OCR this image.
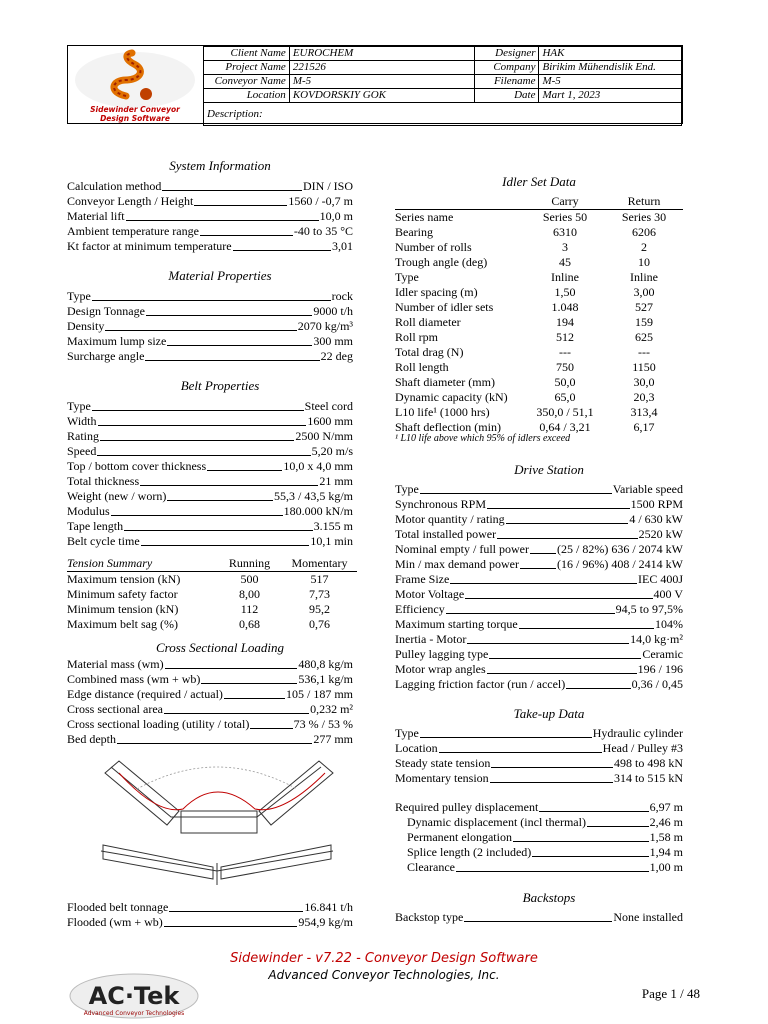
Sidewinder Conveyor
Design Software
Client Name	EUROCHEM	Designer	HAK
Project Name	221526	Company	Birikim Mühendislik End.
Conveyor Name	M-5	Filename	M-5
Location	KOVDORSKIY GOK	Date	Mart 1, 2023
Description:			
System Information
Calculation method	DIN / ISO
Conveyor Length / Height	1560 / -0,7 m
Material lift	10,0 m
Ambient temperature range	-40 to 35 °C
Kt factor at minimum temperature	3,01
Material Properties
Type	rock
Design Tonnage	9000 t/h
Density	2070 kg/m³
Maximum lump size	300 mm
Surcharge angle	22 deg
Belt Properties
Type	Steel cord
Width	1600 mm
Rating	2500 N/mm
Speed	5,20 m/s
Top / bottom cover thickness	10,0 x 4,0 mm
Total thickness	21 mm
Weight (new / worn)	55,3 / 43,5 kg/m
Modulus	180.000 kN/m
Tape length	3.155 m
Belt cycle time	10,1 min
Tension Summary	Running	Momentary
Maximum tension (kN)	500	517
Minimum safety factor	8,00	7,73
Minimum tension (kN)	112	95,2
Maximum belt sag (%)	0,68	0,76
Cross Sectional Loading
Material mass (wm)	480,8 kg/m
Combined mass (wm + wb)	536,1 kg/m
Edge distance (required / actual)	105 / 187 mm
Cross sectional area	0,232 m²
Cross sectional loading (utility / total)	73 % / 53 %
Bed depth	277 mm
Flooded belt tonnage	16.841 t/h
Flooded (wm + wb)	954,9 kg/m
Idler Set Data
	Carry	Return
Series name	Series 50	Series 30
Bearing	6310	6206
Number of rolls	3	2
Trough angle (deg)	45	10
Type	Inline	Inline
Idler spacing (m)	1,50	3,00
Number of idler sets	1.048	527
Roll diameter	194	159
Roll rpm	512	625
Total drag (N)	---	---
Roll length	750	1150
Shaft diameter (mm)	50,0	30,0
Dynamic capacity (kN)	65,0	20,3
L10 life¹ (1000 hrs)	350,0 / 51,1	313,4
Shaft deflection (min)	0,64 / 3,21	6,17
¹ L10 life above which 95% of idlers exceed
Drive Station
Type	Variable speed
Synchronous RPM	1500 RPM
Motor quantity / rating	4 / 630 kW
Total installed power	2520 kW
Nominal empty / full power (25 / 82%) 636 / 2074 kW
Min / max demand power	(16 / 96%) 408 / 2414 kW
Frame Size	IEC 400J
Motor Voltage	400 V
Efficiency	94,5 to 97,5%
Maximum starting torque	104%
Inertia - Motor	14,0 kg·m²
Pulley lagging type	Ceramic
Motor wrap angles	196 / 196
Lagging friction factor (run / accel)	0,36 / 0,45
Take-up Data
Type	Hydraulic cylinder
Location	Head / Pulley #3
Steady state tension	498 to 498 kN
Momentary tension	314 to 515 kN
Required pulley displacement	6,97 m
Dynamic displacement (incl thermal)	2,46 m
Permanent elongation	1,58 m
Splice length (2 included)	1,94 m
Clearance	1,00 m
Backstops
Backstop type	None installed
Sidewinder - v7.22 - Conveyor Design Software
Advanced Conveyor Technologies, Inc.
AC·Tek
Advanced Conveyor Technologies
Page 1 / 48
